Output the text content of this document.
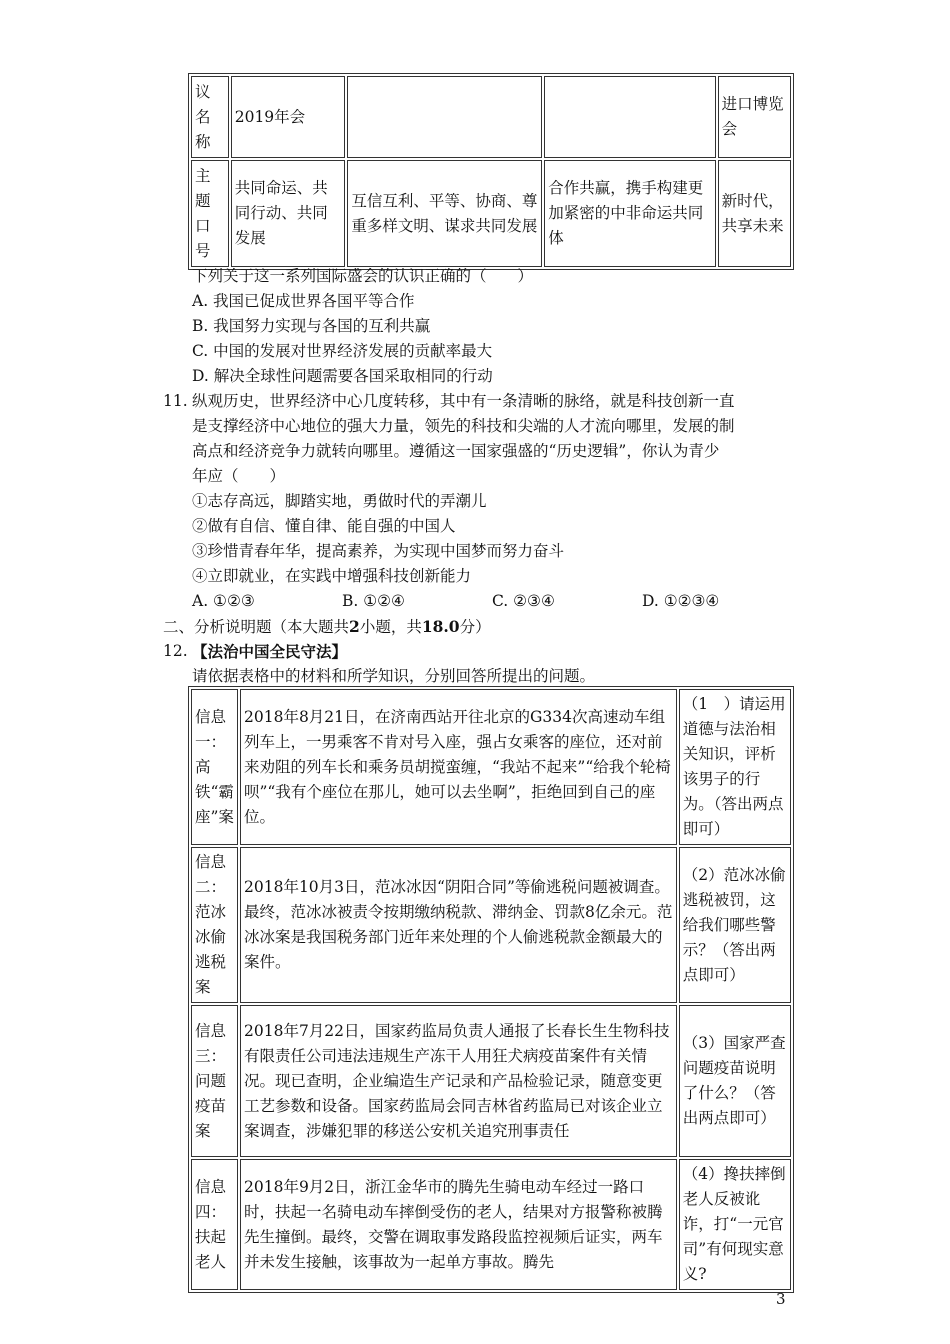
议名称	2019年会			进口博览会
主题口号	共同命运、共同行动、共同发展	互信互利、平等、协商、尊重多样文明、谋求共同发展	合作共赢，携手构建更加紧密的中非命运共同体	新时代，共享未来
下列关于这一系列国际盛会的认识正确的（　　）
A. 我国已促成世界各国平等合作
B. 我国努力实现与各国的互利共赢
C. 中国的发展对世界经济发展的贡献率最大
D. 解决全球性问题需要各国采取相同的行动
11. 纵观历史，世界经济中心几度转移，其中有一条清晰的脉络，就是科技创新一直
是支撑经济中心地位的强大力量，领先的科技和尖端的人才流向哪里，发展的制
高点和经济竞争力就转向哪里。遵循这一国家强盛的“历史逻辑”，你认为青少
年应（　　）
①志存高远，脚踏实地，勇做时代的弄潮儿
②做有自信、懂自律、能自强的中国人
③珍惜青春年华，提高素养，为实现中国梦而努力奋斗
④立即就业，在实践中增强科技创新能力
A. ①②③	B. ①②④	C. ②③④	D. ①②③④
二、分析说明题（本大题共2小题，共18.0分）
12. 【法治中国全民守法】
请依据表格中的材料和所学知识，分别回答所提出的问题。
信息一：高铁“霸座”案	2018年8月21日，在济南西站开往北京的G334次高速动车组列车上，一男乘客不肯对号入座，强占女乘客的座位，还对前来劝阻的列车长和乘务员胡搅蛮缠，“我站不起来”“给我个轮椅呗”“我有个座位在那儿，她可以去坐啊”，拒绝回到自己的座位。	（1　）请运用道德与法治相关知识，评析该男子的行为。（答出两点即可）
信息二：范冰冰偷逃税案	2018年10月3日，范冰冰因“阴阳合同”等偷逃税问题被调查。最终，范冰冰被责令按期缴纳税款、滞纳金、罚款8亿余元。范冰冰案是我国税务部门近年来处理的个人偷逃税款金额最大的案件。	（2）范冰冰偷逃税被罚，这给我们哪些警示？（答出两点即可）
信息三：问题疫苗案	2018年7月22日，国家药监局负责人通报了长春长生生物科技有限责任公司违法违规生产冻干人用狂犬病疫苗案件有关情况。现已查明，企业编造生产记录和产品检验记录，随意变更工艺参数和设备。国家药监局会同吉林省药监局已对该企业立案调查，涉嫌犯罪的移送公安机关追究刑事责任	（3）国家严查问题疫苗说明了什么？（答出两点即可）
信息四：扶起老人	2018年9月2日，浙江金华市的腾先生骑电动车经过一路口时，扶起一名骑电动车摔倒受伤的老人，结果对方报警称被腾先生撞倒。最终，交警在调取事发路段监控视频后证实，两车并未发生接触，该事故为一起单方事故。腾先	（4）搀扶摔倒老人反被讹诈，打“一元官司”有何现实意义?
3
